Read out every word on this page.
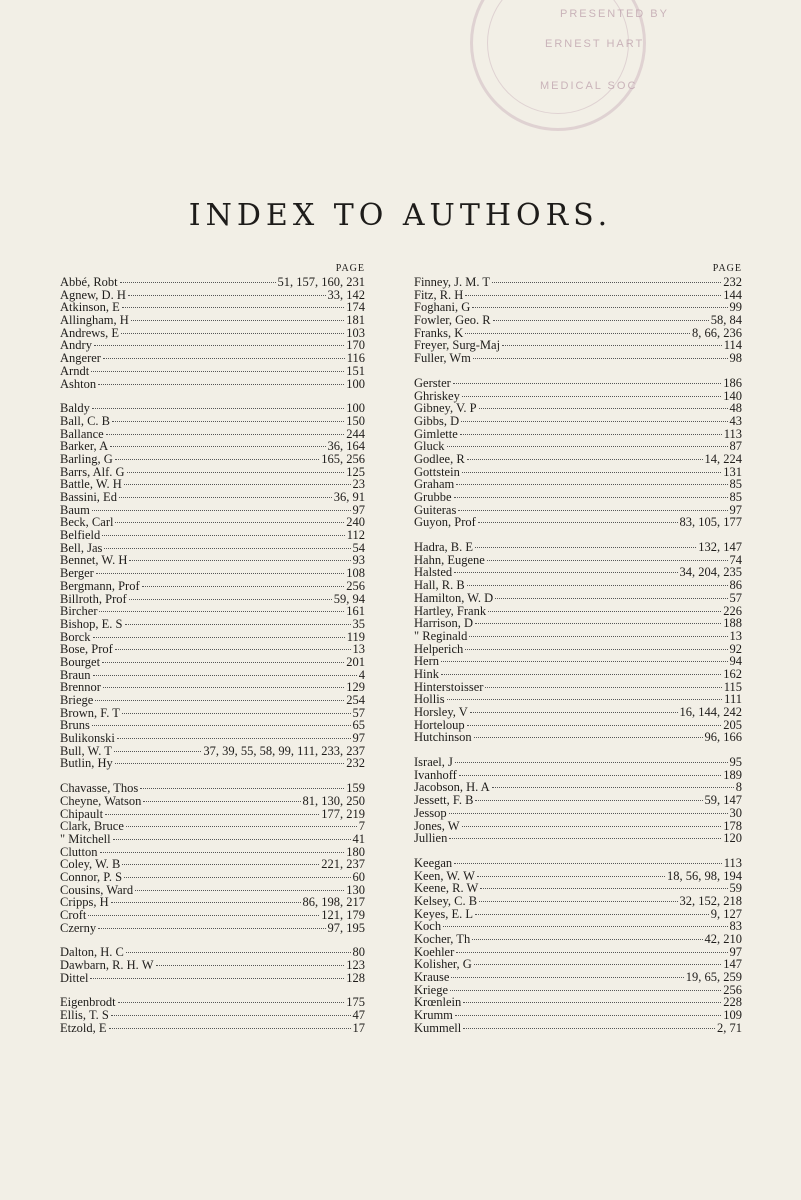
PRESENTED BY
ERNEST HART
MEDICAL SOC
INDEX TO AUTHORS.
PAGE
Abbé, Robt	51, 157, 160, 231
Agnew, D. H	33, 142
Atkinson, E	174
Allingham, H	181
Andrews, E	103
Andry	170
Angerer	116
Arndt	151
Ashton	100
Baldy	100
Ball, C. B	150
Ballance	244
Barker, A	36, 164
Barling, G	165, 256
Barrs, Alf. G	125
Battle, W. H	23
Bassini, Ed	36, 91
Baum	97
Beck, Carl	240
Belfield	112
Bell, Jas	54
Bennet, W. H	93
Berger	108
Bergmann, Prof	256
Billroth, Prof	59, 94
Bircher	161
Bishop, E. S	35
Borck	119
Bose, Prof	13
Bourget	201
Braun	4
Brennor	129
Briege	254
Brown, F. T	57
Bruns	65
Bulikonski	97
Bull, W. T	37, 39, 55, 58, 99, 111, 233, 237
Butlin, Hy	232
Chavasse, Thos	159
Cheyne, Watson	81, 130, 250
Chipault	177, 219
Clark, Bruce	7
" Mitchell	41
Clutton	180
Coley, W. B	221, 237
Connor, P. S	60
Cousins, Ward	130
Cripps, H	86, 198, 217
Croft	121, 179
Czerny	97, 195
Dalton, H. C	80
Dawbarn, R. H. W	123
Dittel	128
Eigenbrodt	175
Ellis, T. S	47
Etzold, E	17
PAGE
Finney, J. M. T	232
Fitz, R. H	144
Foghani, G	99
Fowler, Geo. R	58, 84
Franks, K	8, 66, 236
Freyer, Surg-Maj	114
Fuller, Wm	98
Gerster	186
Ghriskey	140
Gibney, V. P	48
Gibbs, D	43
Gimlette	113
Gluck	87
Godlee, R	14, 224
Gottstein	131
Graham	85
Grubbe	85
Guiteras	97
Guyon, Prof	83, 105, 177
Hadra, B. E	132, 147
Hahn, Eugene	74
Halsted	34, 204, 235
Hall, R. B	86
Hamilton, W. D	57
Hartley, Frank	226
Harrison, D	188
" Reginald	13
Helperich	92
Hern	94
Hink	162
Hinterstoisser	115
Hollis	111
Horsley, V	16, 144, 242
Horteloup	205
Hutchinson	96, 166
Israel, J	95
Ivanhoff	189
Jacobson, H. A	8
Jessett, F. B	59, 147
Jessop	30
Jones, W	178
Jullien	120
Keegan	113
Keen, W. W	18, 56, 98, 194
Keene, R. W	59
Kelsey, C. B	32, 152, 218
Keyes, E. L	9, 127
Koch	83
Kocher, Th	42, 210
Koehler	97
Kolisher, G	147
Krause	19, 65, 259
Kriege	256
Krœnlein	228
Krumm	109
Kummell	2, 71
